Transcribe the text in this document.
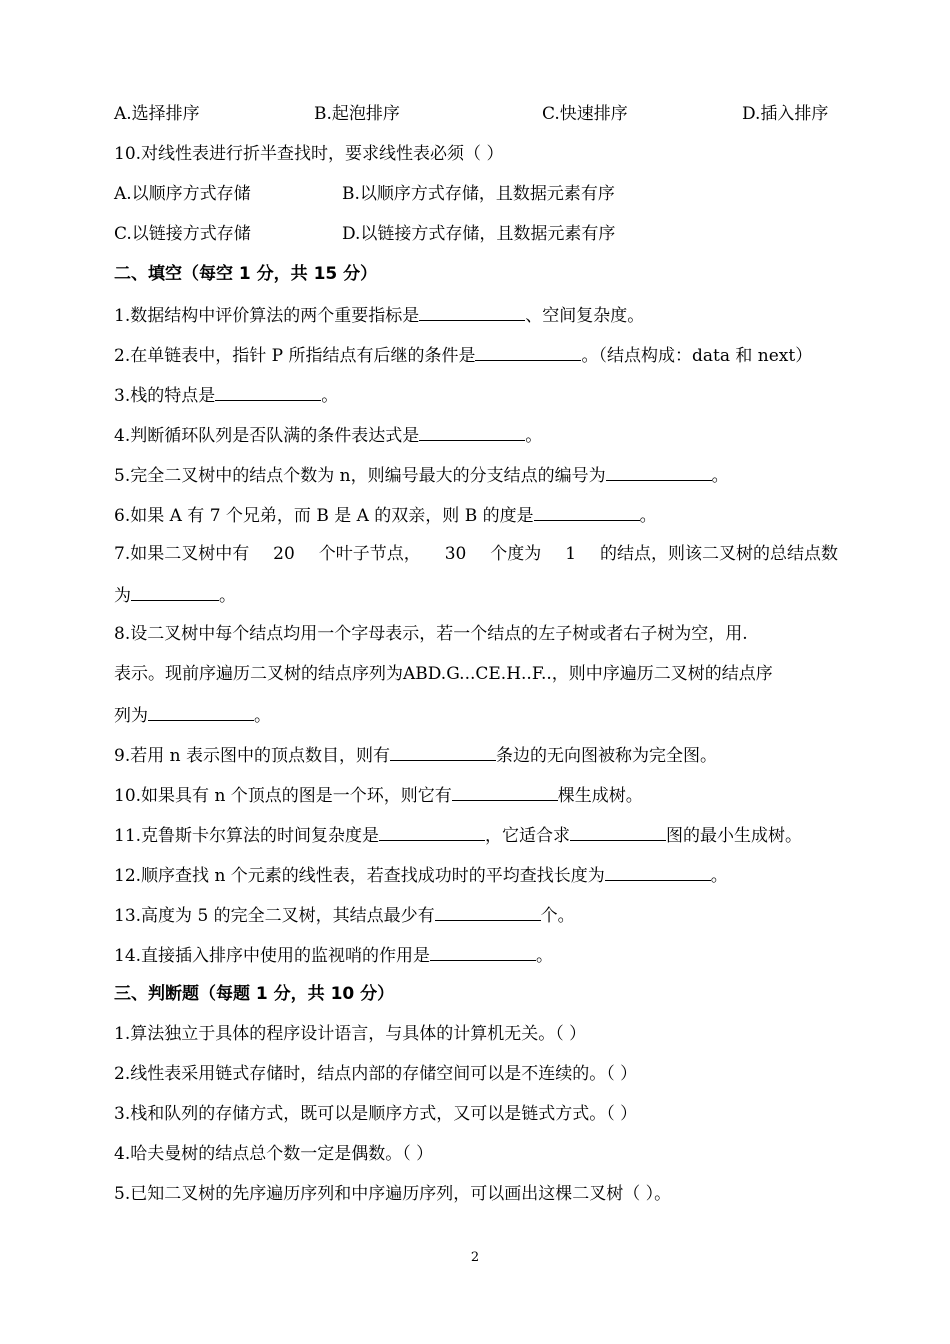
A.选择排序	B.起泡排序	C.快速排序	D.插入排序
10.对线性表进行折半查找时，要求线性表必须（ ）
A.以顺序方式存储	B.以顺序方式存储，且数据元素有序
C.以链接方式存储	D.以链接方式存储，且数据元素有序
二、填空（每空 1 分，共 15 分）
1.数据结构中评价算法的两个重要指标是	、空间复杂度。
2.在单链表中，指针 P 所指结点有后继的条件是	。（结点构成：data 和 next）
3.栈的特点是	。
4.判断循环队列是否队满的条件表达式是	。
5.完全二叉树中的结点个数为 n，则编号最大的分支结点的编号为	。
6.如果 A 有 7 个兄弟，而 B 是 A 的双亲，则 B 的度是	。
7.如果二叉树中有 20 个叶子节点， 30 个度为 1 的结点，则该二叉树的总结点数
为	。
8.设二叉树中每个结点均用一个字母表示，若一个结点的左子树或者右子树为空，用.
表示。现前序遍历二叉树的结点序列为ABD.G...CE.H..F..，则中序遍历二叉树的结点序
列为	。
9.若用 n 表示图中的顶点数目，则有	条边的无向图被称为完全图。
10.如果具有 n 个顶点的图是一个环，则它有	棵生成树。
11.克鲁斯卡尔算法的时间复杂度是	，它适合求	图的最小生成树。
12.顺序查找 n 个元素的线性表，若查找成功时的平均查找长度为	。
13.高度为 5 的完全二叉树，其结点最少有	个。
14.直接插入排序中使用的监视哨的作用是	。
三、判断题（每题 1 分，共 10 分）
1.算法独立于具体的程序设计语言，与具体的计算机无关。（ ）
2.线性表采用链式存储时，结点内部的存储空间可以是不连续的。（ ）
3.栈和队列的存储方式，既可以是顺序方式，又可以是链式方式。（ ）
4.哈夫曼树的结点总个数一定是偶数。（ ）
5.已知二叉树的先序遍历序列和中序遍历序列，可以画出这棵二叉树（ ）。
2
